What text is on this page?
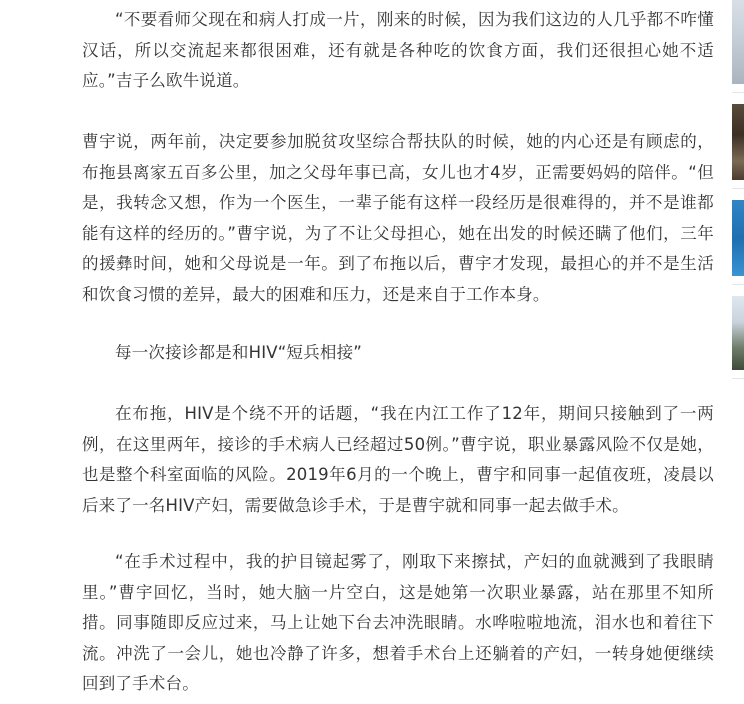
“不要看师父现在和病人打成一片，刚来的时候，因为我们这边的人几乎都不咋懂汉话，所以交流起来都很困难，还有就是各种吃的饮食方面，我们还很担心她不适应。”吉子么欧牛说道。

曹宇说，两年前，决定要参加脱贫攻坚综合帮扶队的时候，她的内心还是有顾虑的，布拖县离家五百多公里，加之父母年事已高，女儿也才4岁，正需要妈妈的陪伴。“但是，我转念又想，作为一个医生，一辈子能有这样一段经历是很难得的，并不是谁都能有这样的经历的。”曹宇说，为了不让父母担心，她在出发的时候还瞒了他们，三年的援彝时间，她和父母说是一年。到了布拖以后，曹宇才发现，最担心的并不是生活和饮食习惯的差异，最大的困难和压力，还是来自于工作本身。

每一次接诊都是和HIV“短兵相接”

在布拖，HIV是个绕不开的话题，“我在内江工作了12年，期间只接触到了一两例，在这里两年，接诊的手术病人已经超过50例。”曹宇说，职业暴露风险不仅是她，也是整个科室面临的风险。2019年6月的一个晚上，曹宇和同事一起值夜班，凌晨以后来了一名HIV产妇，需要做急诊手术，于是曹宇就和同事一起去做手术。

“在手术过程中，我的护目镜起雾了，刚取下来擦拭，产妇的血就溅到了我眼睛里。”曹宇回忆，当时，她大脑一片空白，这是她第一次职业暴露，站在那里不知所措。同事随即反应过来，马上让她下台去冲洗眼睛。水哗啦啦地流，泪水也和着往下流。冲洗了一会儿，她也冷静了许多，想着手术台上还躺着的产妇，一转身她便继续回到了手术台。
